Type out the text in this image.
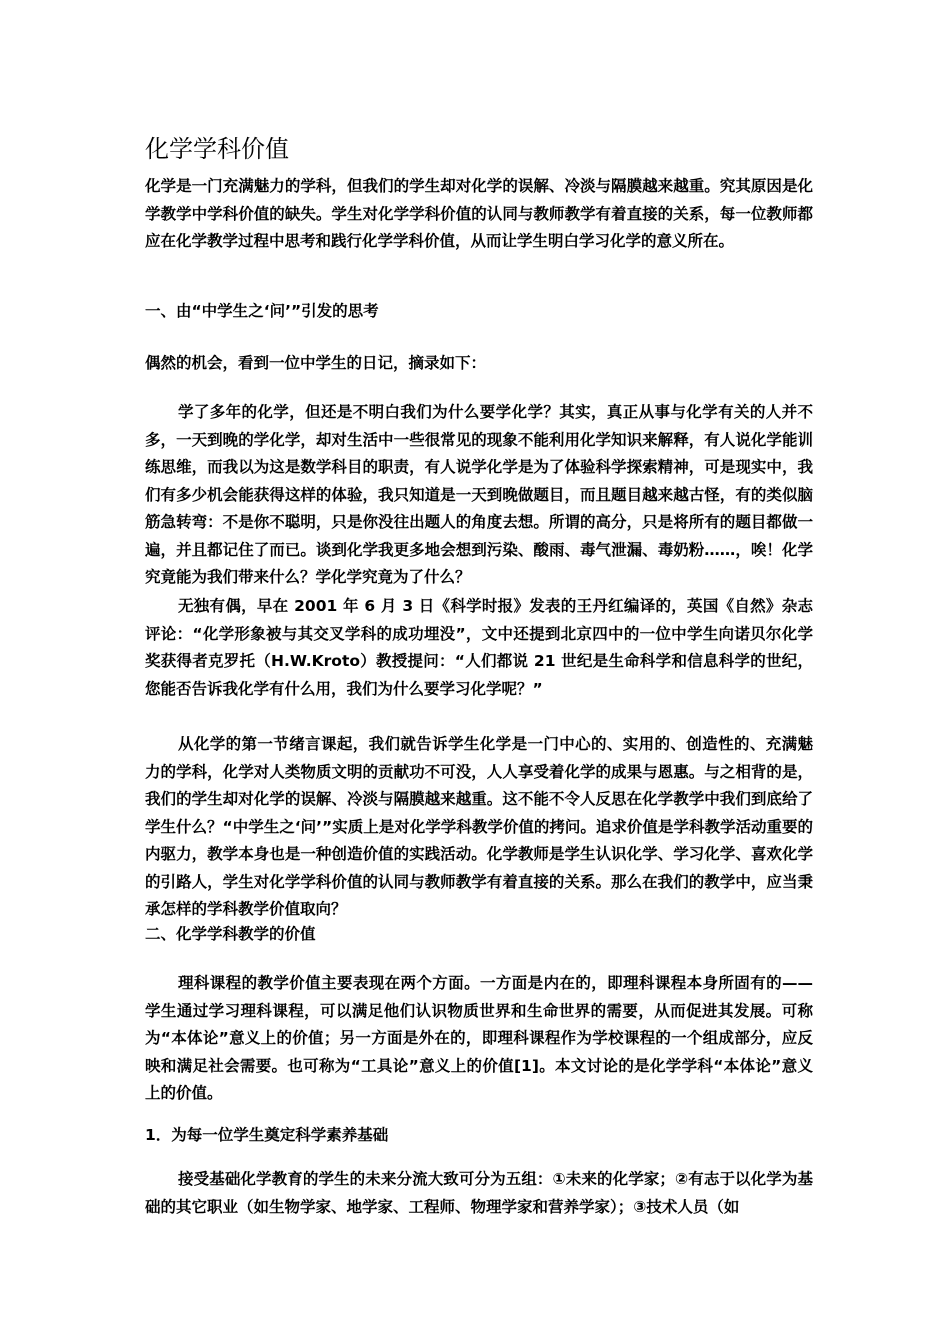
化学学科价值

化学是一门充满魅力的学科，但我们的学生却对化学的误解、冷淡与隔膜越来越重。究其原因是化学教学中学科价值的缺失。学生对化学学科价值的认同与教师教学有着直接的关系，每一位教师都应在化学教学过程中思考和践行化学学科价值，从而让学生明白学习化学的意义所在。

一、由“中学生之‘问’”引发的思考

偶然的机会，看到一位中学生的日记，摘录如下：

学了多年的化学，但还是不明白我们为什么要学化学？其实，真正从事与化学有关的人并不多，一天到晚的学化学，却对生活中一些很常见的现象不能利用化学知识来解释，有人说化学能训练思维，而我以为这是数学科目的职责，有人说学化学是为了体验科学探索精神，可是现实中，我们有多少机会能获得这样的体验，我只知道是一天到晚做题目，而且题目越来越古怪，有的类似脑筋急转弯：不是你不聪明，只是你没往出题人的角度去想。所谓的高分，只是将所有的题目都做一遍，并且都记住了而已。谈到化学我更多地会想到污染、酸雨、毒气泄漏、毒奶粉……，唉！化学究竟能为我们带来什么？学化学究竟为了什么？

无独有偶，早在 2001 年 6 月 3 日《科学时报》发表的王丹红编译的，英国《自然》杂志评论：“化学形象被与其交叉学科的成功埋没”，文中还提到北京四中的一位中学生向诺贝尔化学奖获得者克罗托（H.W.Kroto）教授提问：“人们都说 21 世纪是生命科学和信息科学的世纪，您能否告诉我化学有什么用，我们为什么要学习化学呢？”

从化学的第一节绪言课起，我们就告诉学生化学是一门中心的、实用的、创造性的、充满魅力的学科，化学对人类物质文明的贡献功不可没，人人享受着化学的成果与恩惠。与之相背的是，我们的学生却对化学的误解、冷淡与隔膜越来越重。这不能不令人反思在化学教学中我们到底给了学生什么？“中学生之‘问’”实质上是对化学学科教学价值的拷问。追求价值是学科教学活动重要的内驱力，教学本身也是一种创造价值的实践活动。化学教师是学生认识化学、学习化学、喜欢化学的引路人，学生对化学学科价值的认同与教师教学有着直接的关系。那么在我们的教学中，应当秉承怎样的学科教学价值取向？

二、化学学科教学的价值

理科课程的教学价值主要表现在两个方面。一方面是内在的，即理科课程本身所固有的——学生通过学习理科课程，可以满足他们认识物质世界和生命世界的需要，从而促进其发展。可称为“本体论”意义上的价值；另一方面是外在的，即理科课程作为学校课程的一个组成部分，应反映和满足社会需要。也可称为“工具论”意义上的价值[1]。本文讨论的是化学学科“本体论”意义上的价值。

1．为每一位学生奠定科学素养基础

接受基础化学教育的学生的未来分流大致可分为五组：①未来的化学家；②有志于以化学为基础的其它职业（如生物学家、地学家、工程师、物理学家和营养学家）；③技术人员（如
